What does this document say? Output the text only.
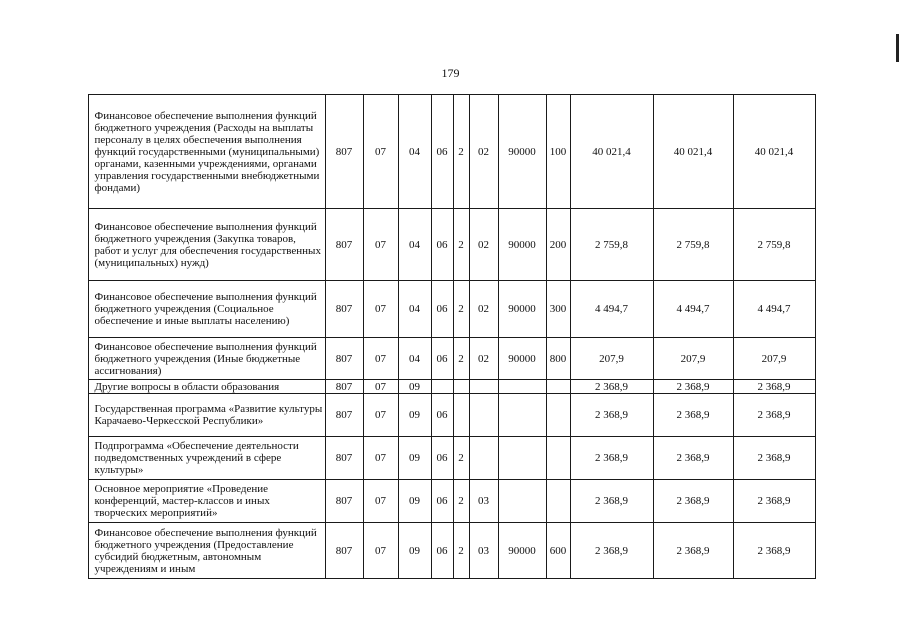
179
	Финансовое обеспечение выполнения функций бюджетного учреждения (Расходы на выплаты персоналу в целях обеспечения выполнения функций государственными (муниципальными) органами, казенными учреждениями, органами управления государственными внебюджетными фондами)	807	07	04	06	2	02	90000	100	40 021,4	40 021,4	40 021,4
	Финансовое обеспечение выполнения функций бюджетного учреждения (Закупка товаров, работ и услуг для обеспечения государственных (муниципальных) нужд)	807	07	04	06	2	02	90000	200	2 759,8	2 759,8	2 759,8
	Финансовое обеспечение выполнения функций бюджетного учреждения (Социальное обеспечение и иные выплаты населению)	807	07	04	06	2	02	90000	300	4 494,7	4 494,7	4 494,7
	Финансовое обеспечение выполнения функций бюджетного учреждения (Иные бюджетные ассигнования)	807	07	04	06	2	02	90000	800	207,9	207,9	207,9
	Другие вопросы в области образования	807	07	09						2 368,9	2 368,9	2 368,9
	Государственная программа «Развитие культуры Карачаево-Черкесской Республики»	807	07	09	06					2 368,9	2 368,9	2 368,9
	Подпрограмма «Обеспечение деятельности подведомственных учреждений в сфере культуры»	807	07	09	06	2				2 368,9	2 368,9	2 368,9
	Основное мероприятие «Проведение конференций, мастер-классов и иных творческих мероприятий»	807	07	09	06	2	03			2 368,9	2 368,9	2 368,9
	Финансовое обеспечение выполнения функций бюджетного учреждения (Предоставление субсидий бюджетным, автономным учреждениям и иным	807	07	09	06	2	03	90000	600	2 368,9	2 368,9	2 368,9
